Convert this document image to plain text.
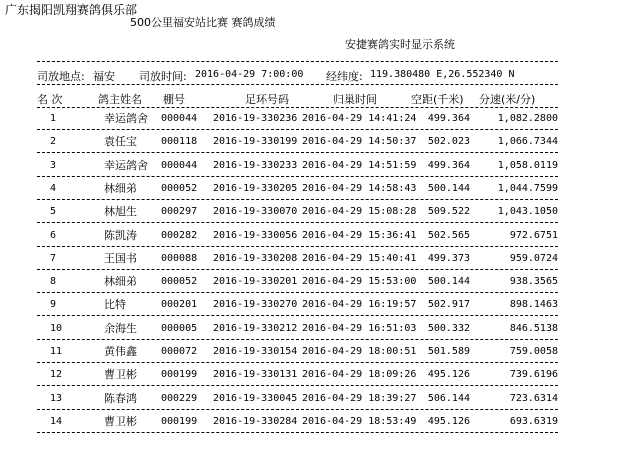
广东揭阳凯翔赛鸽俱乐部
500公里福安站比赛 赛鸽成绩
安捷赛鸽实时显示系统
司放地点: 福安 司放时间: 2016-04-29 7:00:00 经纬度: 119.380480 E,26.552340 N
名 次	鸽主姓名 棚号	足环号码	归巢时间	空距(千米) 分速(米/分)
1	幸运鸽舍 000044 2016-19-330236 2016-04-29 14:41:24	499.364	1,082.2800
2	袁任宝 000118 2016-19-330199 2016-04-29 14:50:37	502.023	1,066.7344
3	幸运鸽舍 000044 2016-19-330233 2016-04-29 14:51:59	499.364	1,058.0119
4	林细弟 000052 2016-19-330205 2016-04-29 14:58:43	500.144	1,044.7599
5	林旭生 000297 2016-19-330070 2016-04-29 15:08:28	509.522	1,043.1050
6	陈凯涛 000282 2016-19-330056 2016-04-29 15:36:41	502.565	972.6751
7	王国书 000088 2016-19-330208 2016-04-29 15:40:41	499.373	959.0724
8	林细弟 000052 2016-19-330201 2016-04-29 15:53:00	500.144	938.3565
9	比特	000201 2016-19-330270 2016-04-29 16:19:57	502.917	898.1463
10	余海生 000005 2016-19-330212 2016-04-29 16:51:03	500.332	846.5138
11	黄伟鑫 000072 2016-19-330154 2016-04-29 18:00:51	501.589	759.0058
12	曹卫彬 000199 2016-19-330131 2016-04-29 18:09:26	495.126	739.6196
13	陈春鸿 000229 2016-19-330045 2016-04-29 18:39:27	506.144	723.6314
14	曹卫彬 000199 2016-19-330284 2016-04-29 18:53:49	495.126	693.6319
